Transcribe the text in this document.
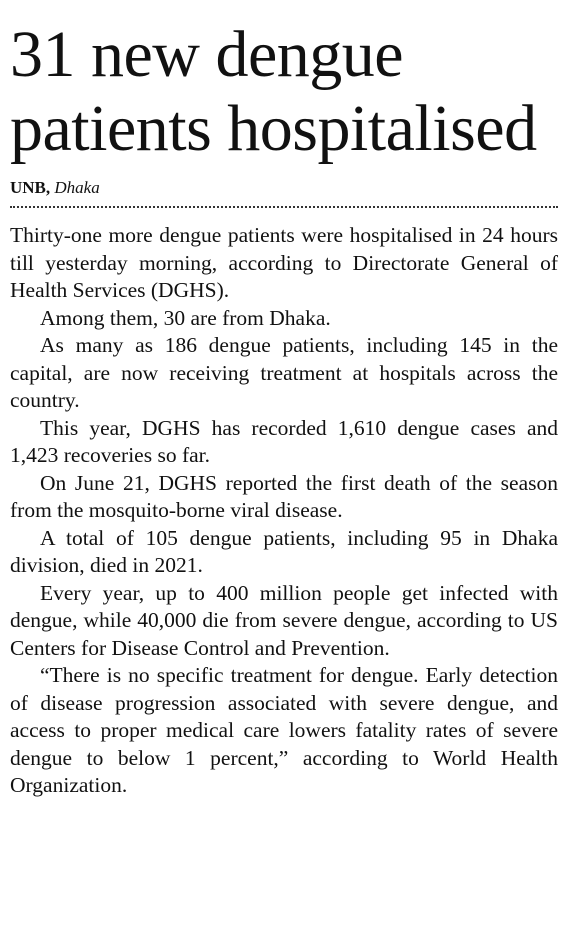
31 new dengue patients hospitalised
UNB, Dhaka

Thirty-one more dengue patients were hospitalised in 24 hours till yesterday morning, according to Directorate General of Health Services (DGHS).

Among them, 30 are from Dhaka.

As many as 186 dengue patients, including 145 in the capital, are now receiving treatment at hospitals across the country.

This year, DGHS has recorded 1,610 dengue cases and 1,423 recoveries so far.

On June 21, DGHS reported the first death of the season from the mosquito-borne viral disease.

A total of 105 dengue patients, including 95 in Dhaka division, died in 2021.

Every year, up to 400 million people get infected with dengue, while 40,000 die from severe dengue, according to US Centers for Disease Control and Prevention.

“There is no specific treatment for dengue. Early detection of disease progression associated with severe dengue, and access to proper medical care lowers fatality rates of severe dengue to below 1 percent,” according to World Health Organization.
